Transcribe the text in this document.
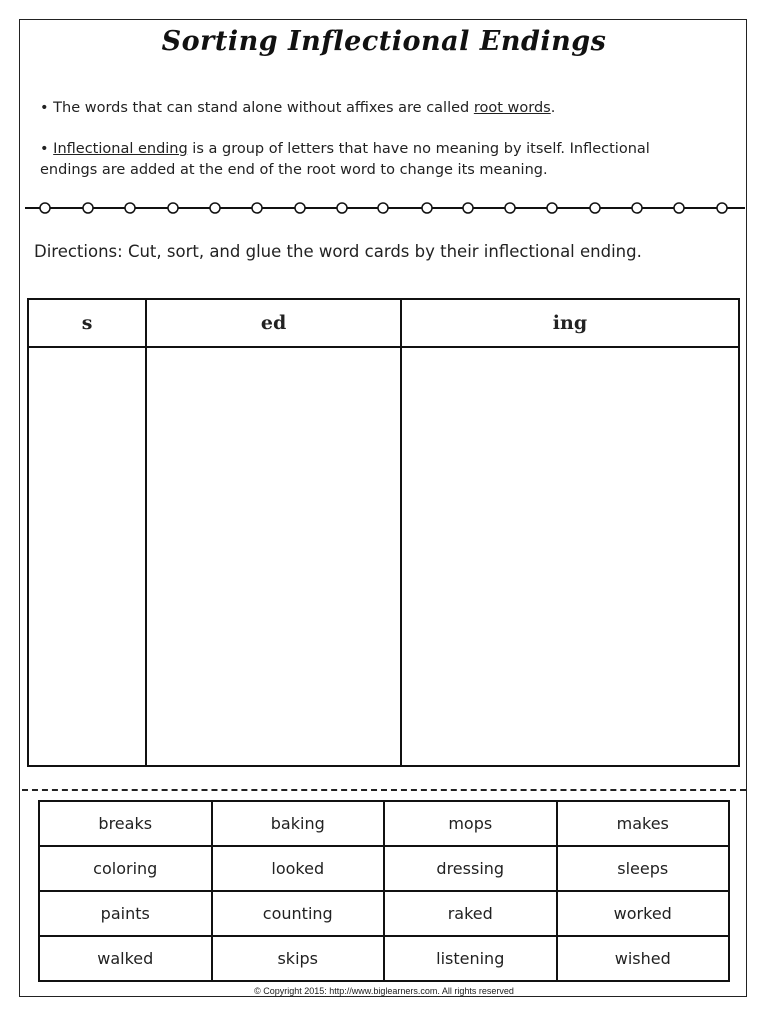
Sorting Inflectional Endings
• The words that can stand alone without affixes are called root words.
• Inflectional ending is a group of letters that have no meaning by itself. Inflectional endings are added at the end of the root word to change its meaning.
Directions: Cut, sort, and glue the word cards by their inflectional ending.
s	ed	ing

breaks	baking	mops	makes
coloring	looked	dressing	sleeps
paints	counting	raked	worked
walked	skips	listening	wished
© Copyright 2015: http://www.biglearners.com. All rights reserved
